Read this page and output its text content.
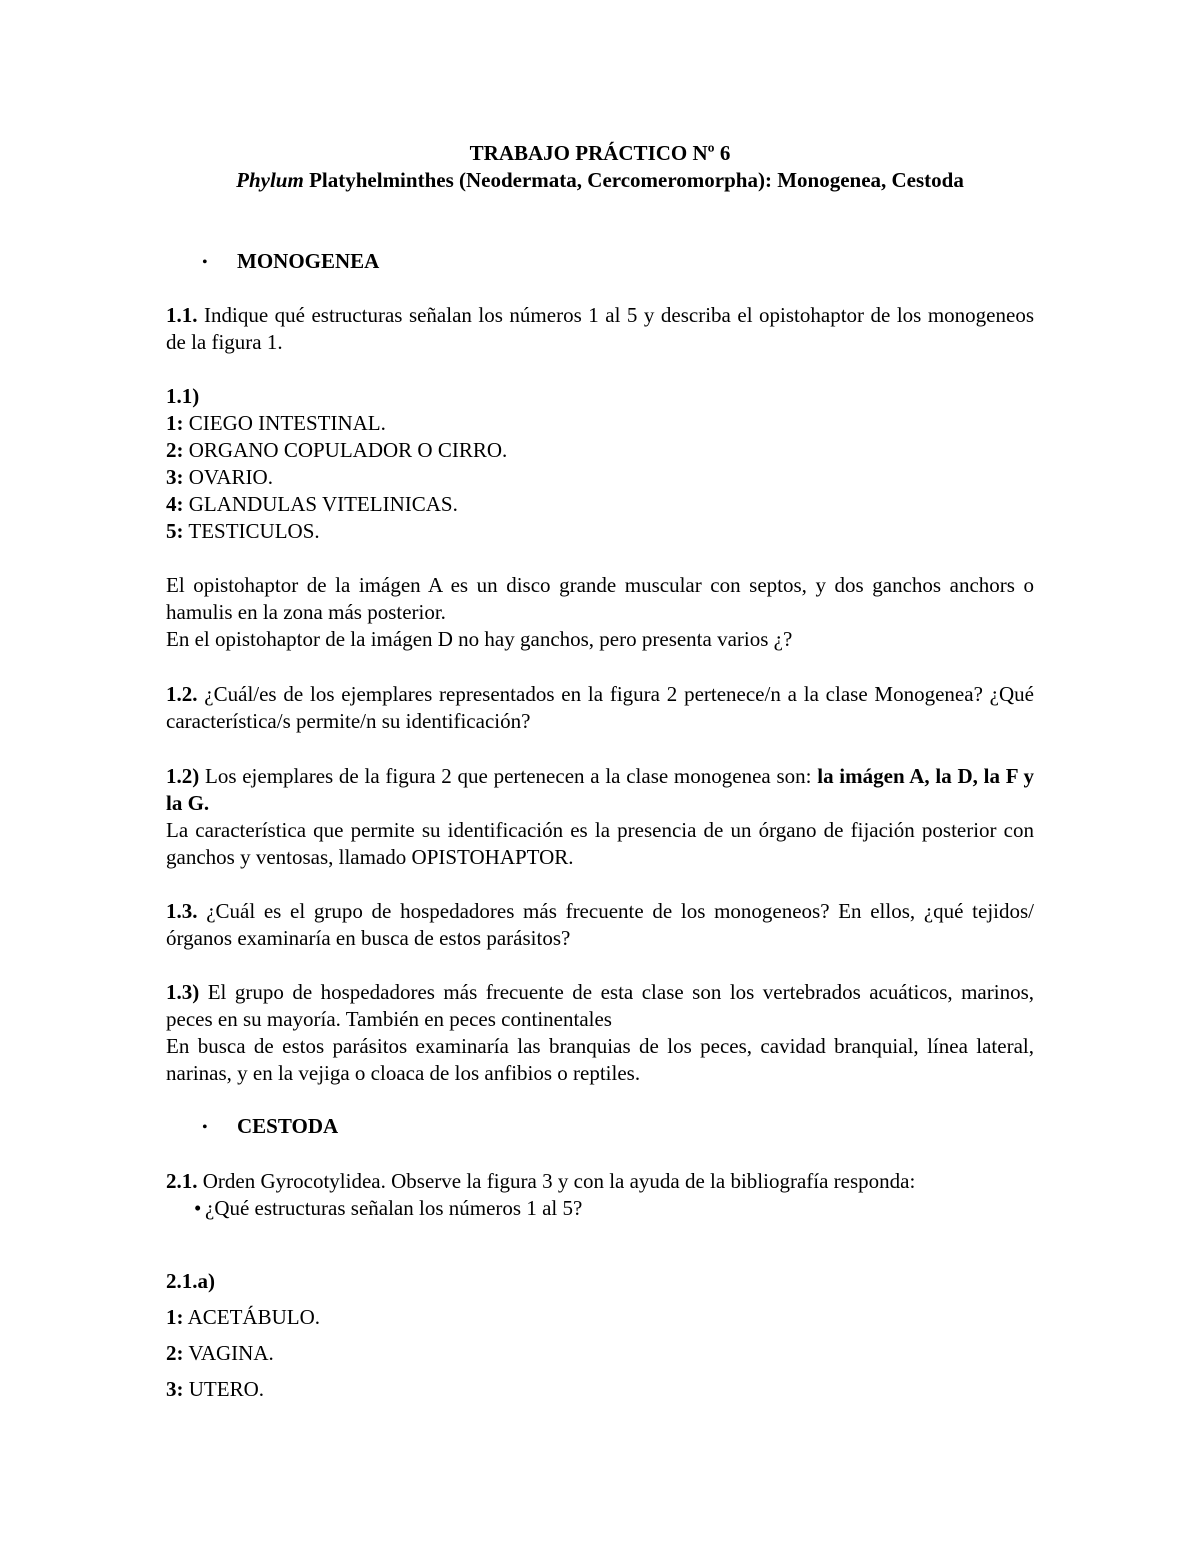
TRABAJO PRÁCTICO Nº 6
Phylum Platyhelminthes (Neodermata, Cercomeromorpha): Monogenea, Cestoda
• MONOGENEA
1.1. Indique qué estructuras señalan los números 1 al 5 y describa el opistohaptor de los monogeneos de la figura 1.
1.1)
1: CIEGO INTESTINAL.
2: ORGANO COPULADOR O CIRRO.
3: OVARIO.
4: GLANDULAS VITELINICAS.
5: TESTICULOS.
El opistohaptor de la imágen A es un disco grande muscular con septos, y dos ganchos anchors o hamulis en la zona más posterior.
En el opistohaptor de la imágen D no hay ganchos, pero presenta varios ¿?
1.2. ¿Cuál/es de los ejemplares representados en la figura 2 pertenece/n a la clase Monogenea? ¿Qué característica/s permite/n su identificación?
1.2) Los ejemplares de la figura 2 que pertenecen a la clase monogenea son: la imágen A, la D, la F y la G.
La característica que permite su identificación es la presencia de un órgano de fijación posterior con ganchos y ventosas, llamado OPISTOHAPTOR.
1.3. ¿Cuál es el grupo de hospedadores más frecuente de los monogeneos? En ellos, ¿qué tejidos/órganos examinaría en busca de estos parásitos?
1.3) El grupo de hospedadores más frecuente de esta clase son los vertebrados acuáticos, marinos, peces en su mayoría. También en peces continentales
En busca de estos parásitos examinaría las branquias de los peces, cavidad branquial, línea lateral, narinas, y en la vejiga o cloaca de los anfibios o reptiles.
• CESTODA
2.1. Orden Gyrocotylidea. Observe la figura 3 y con la ayuda de la bibliografía responda:
• ¿Qué estructuras señalan los números 1 al 5?
2.1.a)
1: ACETÁBULO.
2: VAGINA.
3: UTERO.
